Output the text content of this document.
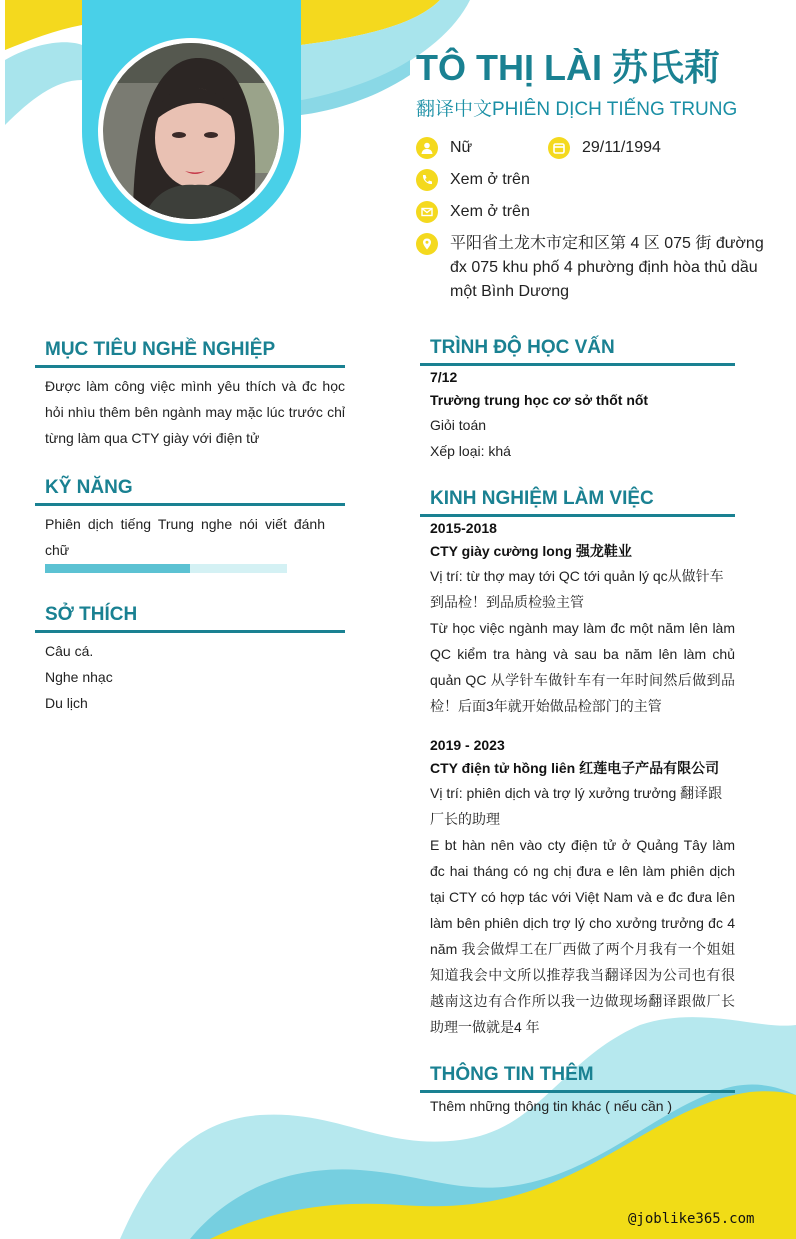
TÔ THỊ LÀI 苏氏莉
翻译中文PHIÊN DỊCH TIẾNG TRUNG
Nữ	29/11/1994
Xem ở trên
Xem ở trên
平阳省土龙木市定和区第 4 区 075 街 đường đx 075 khu phố 4 phường định hòa thủ dầu một Bình Dương
MỤC TIÊU NGHỀ NGHIỆP
Được làm công việc mình yêu thích và đc học hỏi nhìu thêm bên ngành may mặc lúc trước chỉ từng làm qua CTY giày với điện tử
KỸ NĂNG
Phiên dịch tiếng Trung nghe nói viết đánh chữ
SỞ THÍCH
Câu cá.
Nghe nhạc
Du lịch
TRÌNH ĐỘ HỌC VẤN
7/12
Trường trung học cơ sở thốt nốt
Giỏi toán
Xếp loại: khá
KINH NGHIỆM LÀM VIỆC
2015-2018
CTY giày cường long 强龙鞋业
Vị trí: từ thợ may tới QC tới quản lý qc从做针车到品检！到品质检验主管
Từ học việc ngành may làm đc một năm lên làm QC kiểm tra hàng và sau ba năm lên làm chủ quản QC 从学针车做针车有一年时间然后做到品检！后面3年就开始做品检部门的主管
2019 - 2023
CTY điện tử hồng liên 红莲电子产品有限公司
Vị trí: phiên dịch và trợ lý xưởng trưởng 翻译跟厂长的助理
E bt hàn nên vào cty điện tử ở Quảng Tây làm đc hai tháng có ng chị đưa e lên làm phiên dịch tại CTY có hợp tác với Việt Nam và e đc đưa lên làm bên phiên dịch trợ lý cho xưởng trưởng đc 4 năm 我会做焊工在厂西做了两个月我有一个姐姐知道我会中文所以推荐我当翻译因为公司也有很越南这边有合作所以我一边做现场翻译跟做厂长助理一做就是4 年
THÔNG TIN THÊM
Thêm những thông tin khác ( nếu cần )
@joblike365.com
